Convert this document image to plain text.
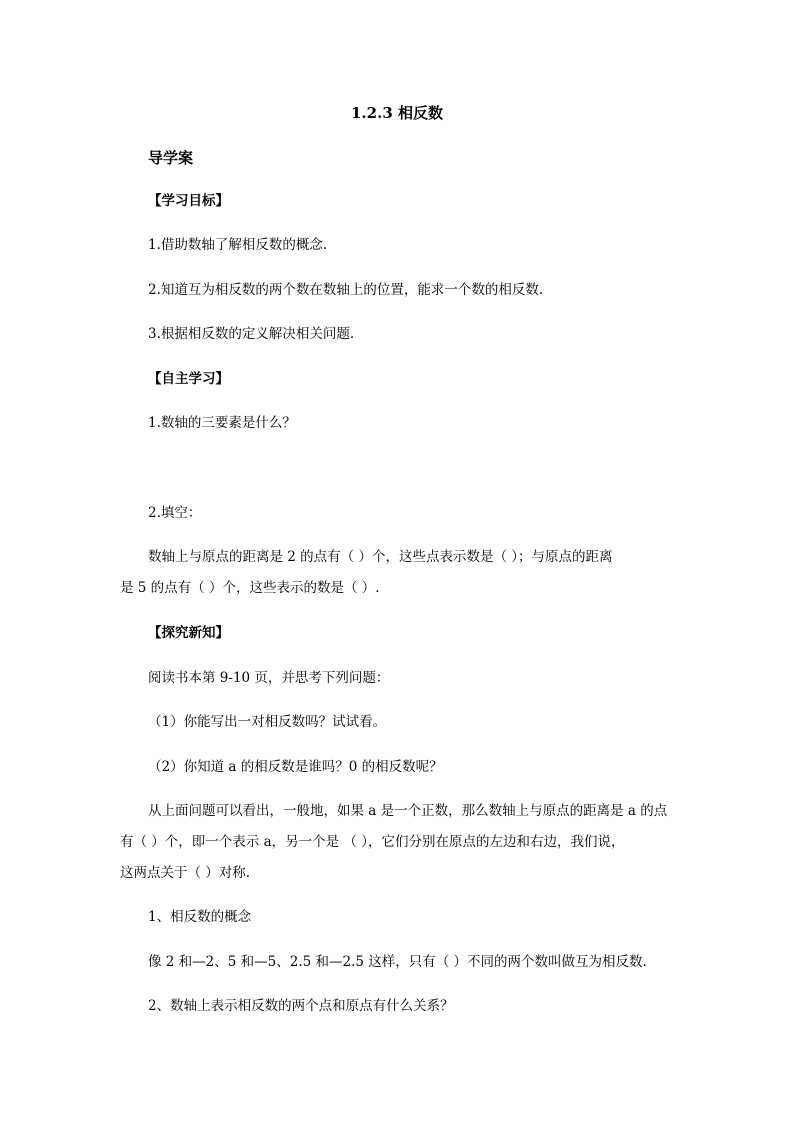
1.2.3 相反数
导学案
【学习目标】
1.借助数轴了解相反数的概念.
2.知道互为相反数的两个数在数轴上的位置，能求一个数的相反数.
3.根据相反数的定义解决相关问题.
【自主学习】
1.数轴的三要素是什么？
2.填空：
数轴上与原点的距离是 2 的点有（ ）个，这些点表示数是（ ）；与原点的距离
是 5 的点有（ ）个，这些表示的数是（ ）.
【探究新知】
阅读书本第 9-10 页，并思考下列问题：
（1）你能写出一对相反数吗？试试看。
（2）你知道 a 的相反数是谁吗？0 的相反数呢？
从上面问题可以看出，一般地，如果 a 是一个正数，那么数轴上与原点的距离是 a 的点
有（ ）个，即一个表示 a，另一个是 （ ），它们分别在原点的左边和右边，我们说，
这两点关于（ ）对称.
1、相反数的概念
像 2 和—2、5 和—5、2.5 和—2.5 这样，只有（ ）不同的两个数叫做互为相反数.
2、数轴上表示相反数的两个点和原点有什么关系？
